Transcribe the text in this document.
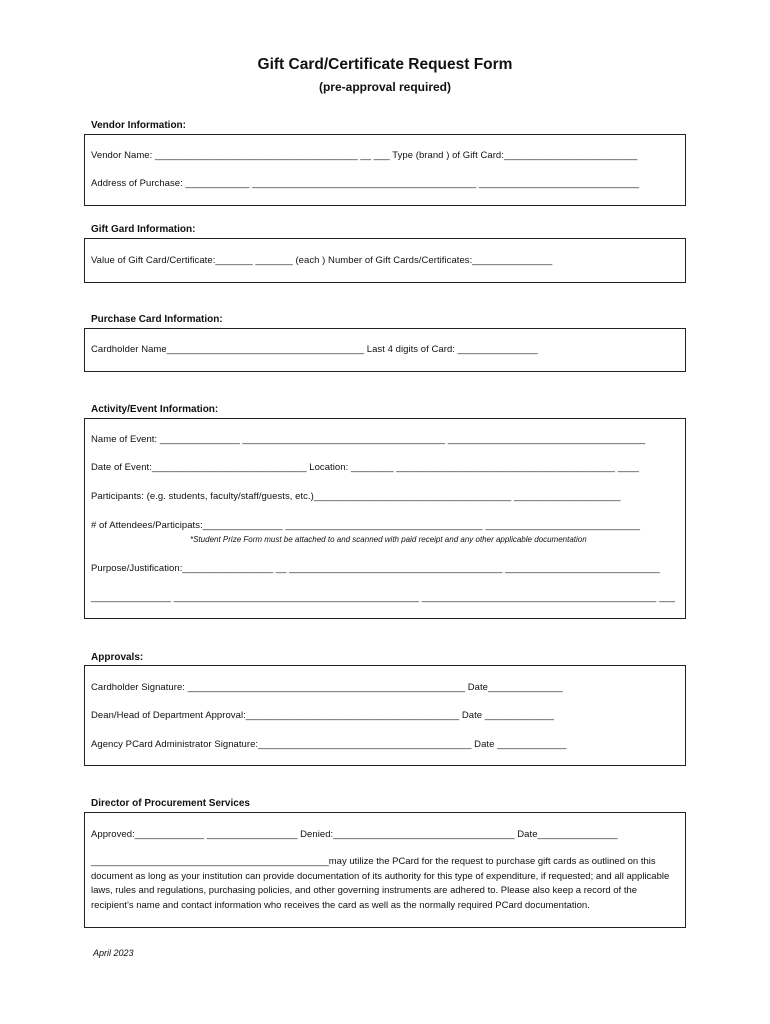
Gift Card/Certificate Request Form
(pre-approval required)
Vendor Information:
Vendor Name: ______________________________________ __ ___ Type (brand ) of Gift Card:_________________________
Address of Purchase: ____________ __________________________________________ ______________________________
Gift Gard Information:
Value of Gift Card/Certificate:_______ _______ (each ) Number of Gift Cards/Certificates:_______________
Purchase Card Information:
Cardholder Name_____________________________________ Last 4 digits of Card: _______________
Activity/Event Information:
Name of Event: _______________ ______________________________________ _____________________________________
Date of Event:_____________________________ Location: ________ _________________________________________ ____
Participants: (e.g. students, faculty/staff/guests, etc.)_____________________________________ ____________________
# of Attendees/Participats:_______________ _____________________________________ _____________________________
*Student Prize Form must be attached to and scanned with paid receipt and any other applicable documentation
Purpose/Justification:_________________ __ ________________________________________ _____________________________
_______________ ______________________________________________ ____________________________________________ ___
Approvals:
Cardholder Signature: ____________________________________________________ Date______________
Dean/Head of Department Approval:________________________________________ Date _____________
Agency PCard Administrator Signature:________________________________________ Date _____________
Director of Procurement Services
Approved:_____________ _________________ Denied:__________________________________ Date_______________
_____________________________________________may utilize the PCard for the request to purchase gift cards as outlined on this document as long as your institution can provide documentation of its authority for this type of expenditure, if requested; and all applicable laws, rules and regulations, purchasing policies, and other governing instruments are adhered to. Please also keep a record of the recipient’s name and contact information who receives the card as well as the normally required PCard documentation.
April 2023
